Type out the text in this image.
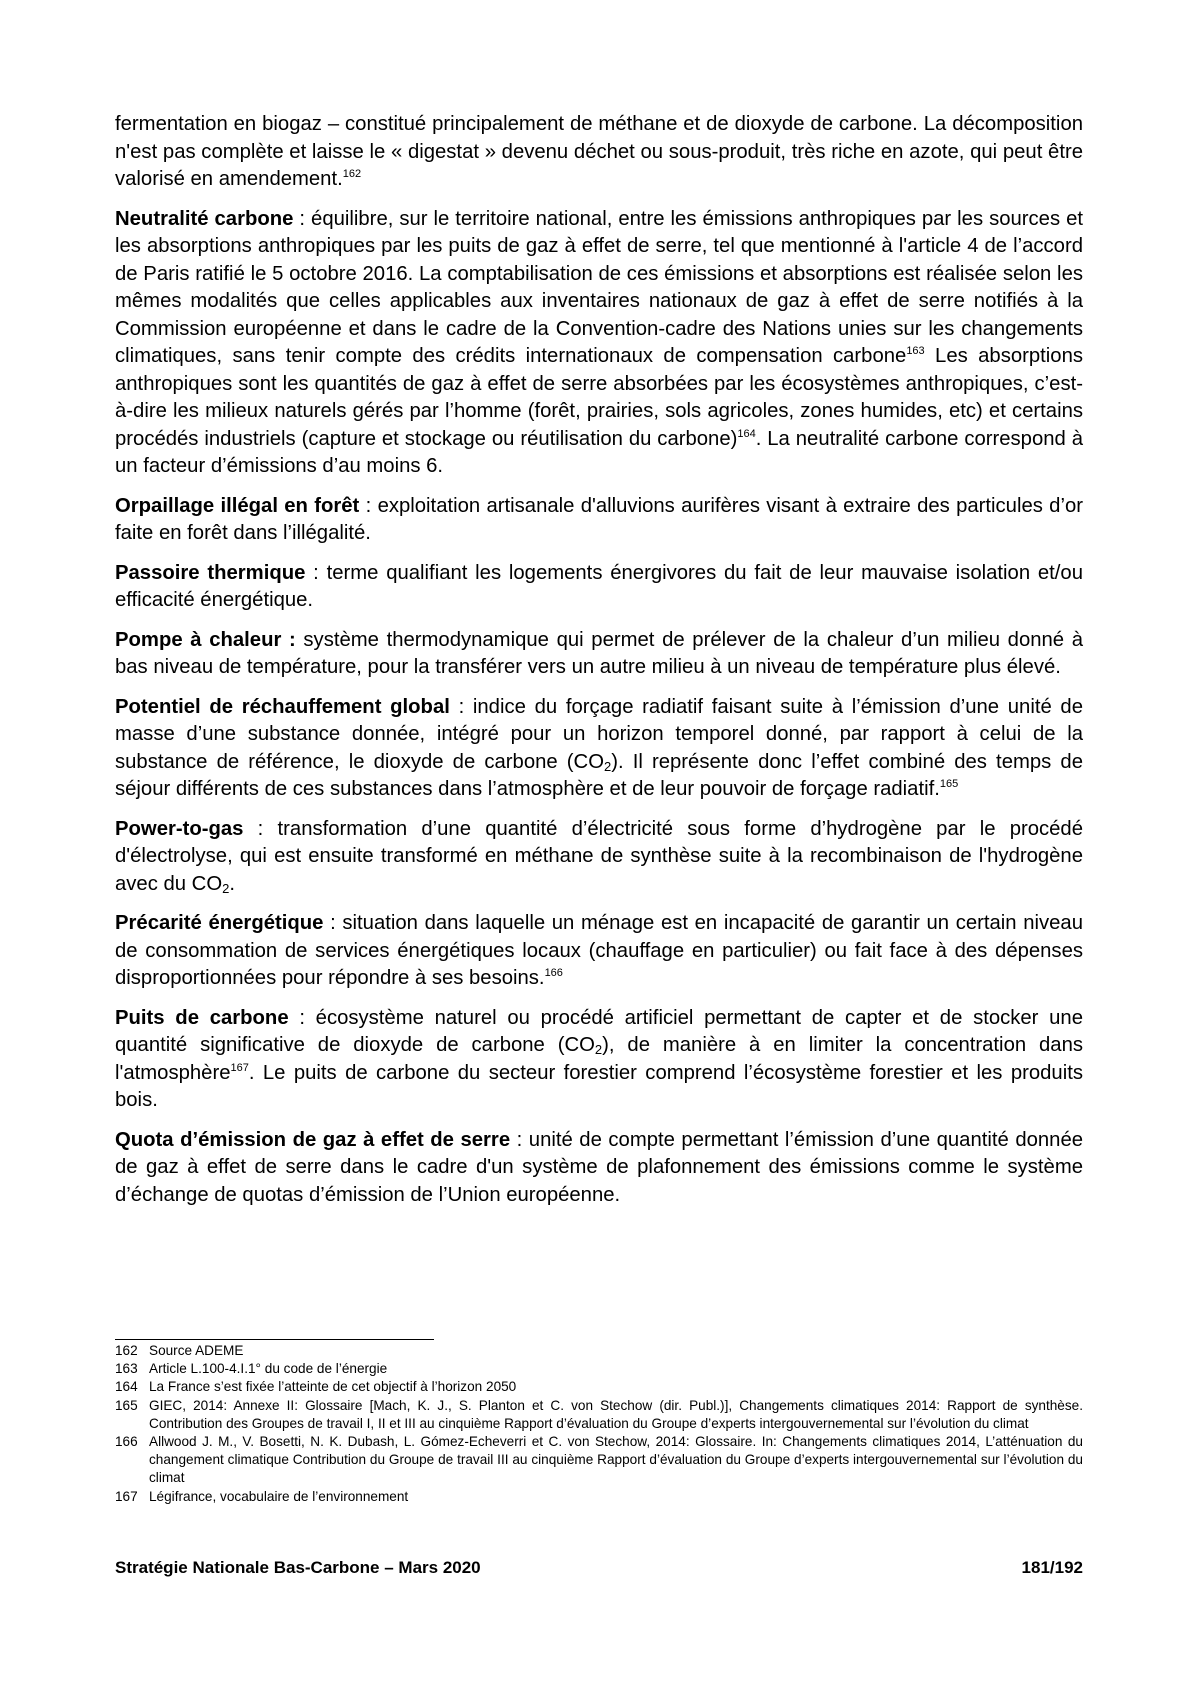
fermentation en biogaz – constitué principalement de méthane et de dioxyde de carbone. La décomposition n'est pas complète et laisse le « digestat » devenu déchet ou sous-produit, très riche en azote, qui peut être valorisé en amendement.$^{162}$

Neutralité carbone : équilibre, sur le territoire national, entre les émissions anthropiques par les sources et les absorptions anthropiques par les puits de gaz à effet de serre, tel que mentionné à l'article 4 de l’accord de Paris ratifié le 5 octobre 2016. La comptabilisation de ces émissions et absorptions est réalisée selon les mêmes modalités que celles applicables aux inventaires nationaux de gaz à effet de serre notifiés à la Commission européenne et dans le cadre de la Convention-cadre des Nations unies sur les changements climatiques, sans tenir compte des crédits internationaux de compensation carbone$^{163}$ Les absorptions anthropiques sont les quantités de gaz à effet de serre absorbées par les écosystèmes anthropiques, c’est-à-dire les milieux naturels gérés par l’homme (forêt, prairies, sols agricoles, zones humides, etc) et certains procédés industriels (capture et stockage ou réutilisation du carbone)$^{164}$. La neutralité carbone correspond à un facteur d’émissions d’au moins 6.

Orpaillage illégal en forêt : exploitation artisanale d'alluvions aurifères visant à extraire des particules d’or faite en forêt dans l’illégalité.

Passoire thermique : terme qualifiant les logements énergivores du fait de leur mauvaise isolation et/ou efficacité énergétique.

Pompe à chaleur : système thermodynamique qui permet de prélever de la chaleur d’un milieu donné à bas niveau de température, pour la transférer vers un autre milieu à un niveau de température plus élevé.

Potentiel de réchauffement global : indice du forçage radiatif faisant suite à l’émission d’une unité de masse d’une substance donnée, intégré pour un horizon temporel donné, par rapport à celui de la substance de référence, le dioxyde de carbone $(CO_2)$. Il représente donc l’effet combiné des temps de séjour différents de ces substances dans l’atmosphère et de leur pouvoir de forçage radiatif.$^{165}$

Power-to-gas : transformation d’une quantité d’électricité sous forme d’hydrogène par le procédé d'électrolyse, qui est ensuite transformé en méthane de synthèse suite à la recombinaison de l'hydrogène avec du $CO_2$.

Précarité énergétique : situation dans laquelle un ménage est en incapacité de garantir un certain niveau de consommation de services énergétiques locaux (chauffage en particulier) ou fait face à des dépenses disproportionnées pour répondre à ses besoins.$^{166}$

Puits de carbone : écosystème naturel ou procédé artificiel permettant de capter et de stocker une quantité significative de dioxyde de carbone $(CO_2)$, de manière à en limiter la concentration dans l'atmosphère$^{167}$. Le puits de carbone du secteur forestier comprend l’écosystème forestier et les produits bois.

Quota d’émission de gaz à effet de serre : unité de compte permettant l’émission d’une quantité donnée de gaz à effet de serre dans le cadre d'un système de plafonnement des émissions comme le système d’échange de quotas d’émission de l’Union européenne.

162 Source ADEME
163 Article L.100-4.I.1° du code de l’énergie
164 La France s’est fixée l’atteinte de cet objectif à l’horizon 2050
165 GIEC, 2014: Annexe II: Glossaire [Mach, K. J., S. Planton et C. von Stechow (dir. Publ.)], Changements climatiques 2014: Rapport de synthèse. Contribution des Groupes de travail I, II et III au cinquième Rapport d’évaluation du Groupe d’experts intergouvernemental sur l’évolution du climat
166 Allwood J. M., V. Bosetti, N. K. Dubash, L. Gómez-Echeverri et C. von Stechow, 2014: Glossaire. In: Changements climatiques 2014, L’atténuation du changement climatique Contribution du Groupe de travail III au cinquième Rapport d’évaluation du Groupe d’experts intergouvernemental sur l’évolution du climat
167 Légifrance, vocabulaire de l’environnement
Stratégie Nationale Bas-Carbone – Mars 2020	181/192
